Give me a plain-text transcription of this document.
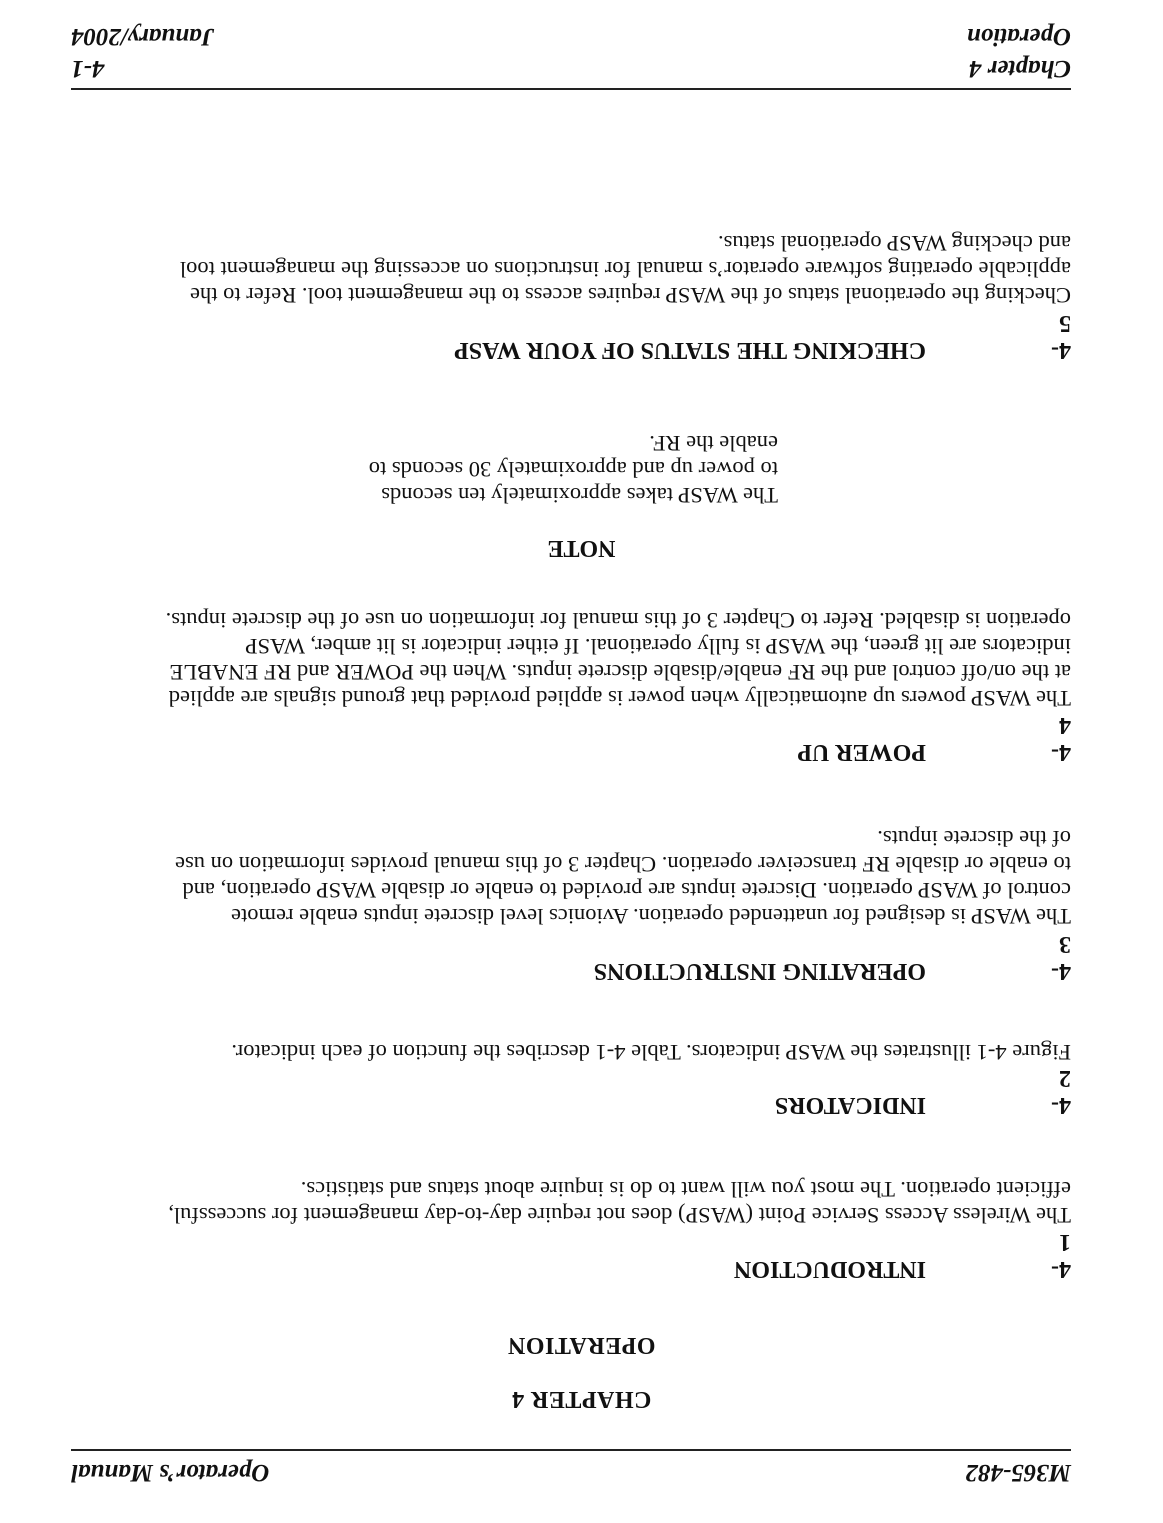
M365-482
Operator’s Manual
CHAPTER 4
OPERATION
4-1
INTRODUCTION
The Wireless Access Service Point (WASP) does not require day-to-day management for successful,
efficient operation. The most you will want to do is inquire about status and statistics.
4-2
INDICATORS
Figure 4-1 illustrates the WASP indicators. Table 4-1 describes the function of each indicator.
4-3
OPERATING INSTRUCTIONS
The WASP is designed for unattended operation. Avionics level discrete inputs enable remote
control of WASP operation. Discrete inputs are provided to enable or disable WASP operation, and
to enable or disable RF transceiver operation. Chapter 3 of this manual provides information on use
of the discrete inputs.
4-4
POWER UP
The WASP powers up automatically when power is applied provided that ground signals are applied
at the on/off control and the RF enable/disable discrete inputs. When the POWER and RF ENABLE
indicators are lit green, the WASP is fully operational. If either indicator is lit amber, WASP
operation is disabled. Refer to Chapter 3 of this manual for information on use of the discrete inputs.
NOTE
The WASP takes approximately ten seconds
to power up and approximately 30 seconds to
enable the RF.
4-5
CHECKING THE STATUS OF YOUR WASP
Checking the operational status of the WASP requires access to the management tool. Refer to the
applicable operating software operator’s manual for instructions on accessing the management tool
and checking WASP operational status.
Chapter 4
4-1
Operation
January/2004
